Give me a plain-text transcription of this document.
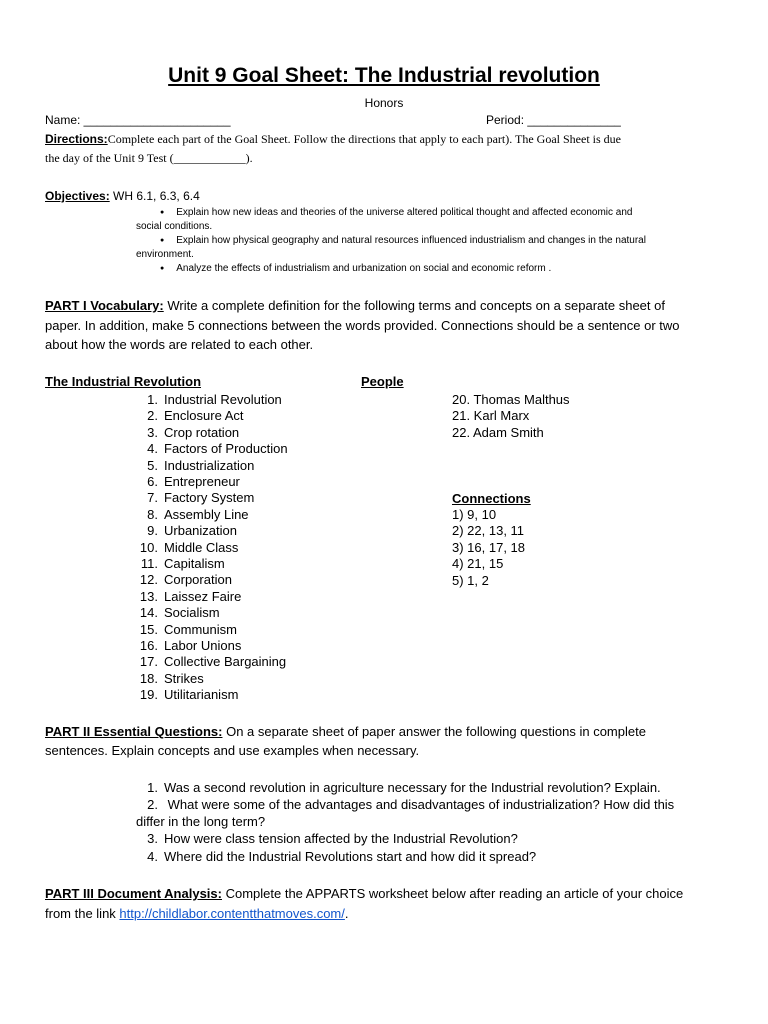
Unit 9 Goal Sheet: The Industrial revolution
Honors
Name: ______________________	Period: ______________
Directions:Complete each part of the Goal Sheet. Follow the directions that apply to each part). The Goal Sheet is due
the day of the Unit 9 Test (____________).
Objectives: WH 6.1, 6.3, 6.4
● Explain how new ideas and theories of the universe altered political thought and affected economic and
social conditions.
● Explain how physical geography and natural resources influenced industrialism and changes in the natural
environment.
● Analyze the effects of industrialism and urbanization on social and economic reform .
PART I Vocabulary: Write a complete definition for the following terms and concepts on a separate sheet of
paper. In addition, make 5 connections between the words provided. Connections should be a sentence or two
about how the words are related to each other.
The Industrial Revolution	People
1. Industrial Revolution
2. Enclosure Act
3. Crop rotation
4. Factors of Production
5. Industrialization
6. Entrepreneur
7. Factory System
8. Assembly Line
9. Urbanization
10. Middle Class
11. Capitalism
12. Corporation
13. Laissez Faire
14. Socialism
15. Communism
16. Labor Unions
17. Collective Bargaining
18. Strikes
19. Utilitarianism
20. Thomas Malthus
21. Karl Marx
22. Adam Smith
Connections
1) 9, 10
2) 22, 13, 11
3) 16, 17, 18
4) 21, 15
5) 1, 2
PART II Essential Questions: On a separate sheet of paper answer the following questions in complete
sentences. Explain concepts and use examples when necessary.
1. Was a second revolution in agriculture necessary for the Industrial revolution? Explain.
2. What were some of the advantages and disadvantages of industrialization? How did this
differ in the long term?
3. How were class tension affected by the Industrial Revolution?
4. Where did the Industrial Revolutions start and how did it spread?
PART III Document Analysis: Complete the APPARTS worksheet below after reading an article of your choice
from the link http://childlabor.contentthatmoves.com/.
